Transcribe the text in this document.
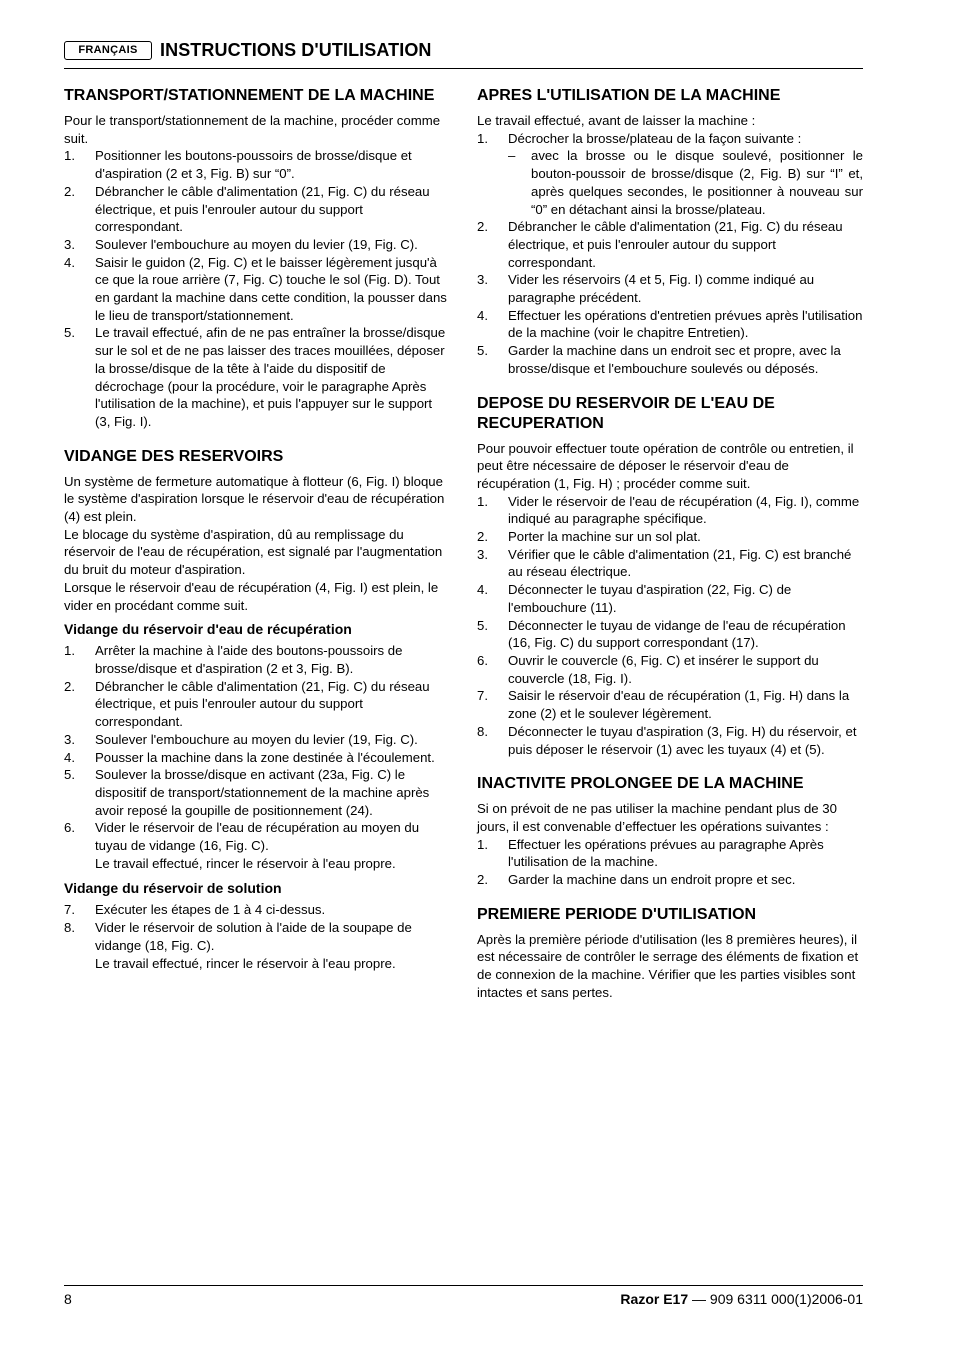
FRANÇAIS	INSTRUCTIONS D'UTILISATION
TRANSPORT/STATIONNEMENT DE LA MACHINE

Pour le transport/stationnement de la machine, procéder comme suit.

1. Positionner les boutons-poussoirs de brosse/disque et d'aspiration (2 et 3, Fig. B) sur “0”.
2. Débrancher le câble d'alimentation (21, Fig. C) du réseau électrique, et puis l'enrouler autour du support correspondant.
3. Soulever l'embouchure au moyen du levier (19, Fig. C).
4. Saisir le guidon (2, Fig. C) et le baisser légèrement jusqu'à ce que la roue arrière (7, Fig. C) touche le sol (Fig. D). Tout en gardant la machine dans cette condition, la pousser dans le lieu de transport/stationnement.
5. Le travail effectué, afin de ne pas entraîner la brosse/disque sur le sol et de ne pas laisser des traces mouillées, déposer la brosse/disque de la tête à l'aide du dispositif de décrochage (pour la procédure, voir le paragraphe Après l'utilisation de la machine), et puis l'appuyer sur le support (3, Fig. I).
VIDANGE DES RESERVOIRS

Un système de fermeture automatique à flotteur (6, Fig. I) bloque le système d'aspiration lorsque le réservoir d'eau de récupération (4) est plein.

Le blocage du système d'aspiration, dû au remplissage du réservoir de l'eau de récupération, est signalé par l'augmentation du bruit du moteur d'aspiration.

Lorsque le réservoir d'eau de récupération (4, Fig. I) est plein, le vider en procédant comme suit.

Vidange du réservoir d'eau de récupération
1. Arrêter la machine à l'aide des boutons-poussoirs de brosse/disque et d'aspiration (2 et 3, Fig. B).
2. Débrancher le câble d'alimentation (21, Fig. C) du réseau électrique, et puis l'enrouler autour du support correspondant.
3. Soulever l'embouchure au moyen du levier (19, Fig. C).
4. Pousser la machine dans la zone destinée à l'écoulement.
5. Soulever la brosse/disque en activant (23a, Fig. C) le dispositif de transport/stationnement de la machine après avoir reposé la goupille de positionnement (24).
6. Vider le réservoir de l'eau de récupération au moyen du tuyau de vidange (16, Fig. C).
Le travail effectué, rincer le réservoir à l'eau propre.
Vidange du réservoir de solution
7. Exécuter les étapes de 1 à 4 ci-dessus.
8. Vider le réservoir de solution à l'aide de la soupape de vidange (18, Fig. C).
Le travail effectué, rincer le réservoir à l'eau propre.
APRES L'UTILISATION DE LA MACHINE

Le travail effectué, avant de laisser la machine :

1. Décrocher la brosse/plateau de la façon suivante :
– avec la brosse ou le disque soulevé, positionner le bouton-poussoir de brosse/disque (2, Fig. B) sur “I” et, après quelques secondes, le positionner à nouveau sur “0” en détachant ainsi la brosse/plateau.
2. Débrancher le câble d'alimentation (21, Fig. C) du réseau électrique, et puis l'enrouler autour du support correspondant.
3. Vider les réservoirs (4 et 5, Fig. I) comme indiqué au paragraphe précédent.
4. Effectuer les opérations d'entretien prévues après l'utilisation de la machine (voir le chapitre Entretien).
5. Garder la machine dans un endroit sec et propre, avec la brosse/disque et l'embouchure soulevés ou déposés.
DEPOSE DU RESERVOIR DE L'EAU DE RECUPERATION

Pour pouvoir effectuer toute opération de contrôle ou entretien, il peut être nécessaire de déposer le réservoir d'eau de récupération (1, Fig. H) ; procéder comme suit.

1. Vider le réservoir de l'eau de récupération (4, Fig. I), comme indiqué au paragraphe spécifique.
2. Porter la machine sur un sol plat.
3. Vérifier que le câble d'alimentation (21, Fig. C) est branché au réseau électrique.
4. Déconnecter le tuyau d'aspiration (22, Fig. C) de l'embouchure (11).
5. Déconnecter le tuyau de vidange de l'eau de récupération (16, Fig. C) du support correspondant (17).
6. Ouvrir le couvercle (6, Fig. C) et insérer le support du couvercle (18, Fig. I).
7. Saisir le réservoir d'eau de récupération (1, Fig. H) dans la zone (2) et le soulever légèrement.
8. Déconnecter le tuyau d'aspiration (3, Fig. H) du réservoir, et puis déposer le réservoir (1) avec les tuyaux (4) et (5).
INACTIVITE PROLONGEE DE LA MACHINE

Si on prévoit de ne pas utiliser la machine pendant plus de 30 jours, il est convenable d’effectuer les opérations suivantes :

1. Effectuer les opérations prévues au paragraphe Après l'utilisation de la machine.
2. Garder la machine dans un endroit propre et sec.
PREMIERE PERIODE D'UTILISATION

Après la première période d'utilisation (les 8 premières heures), il est nécessaire de contrôler le serrage des éléments de fixation et de connexion de la machine. Vérifier que les parties visibles sont intactes et sans pertes.

8	Razor E17 — 909 6311 000(1)2006-01
